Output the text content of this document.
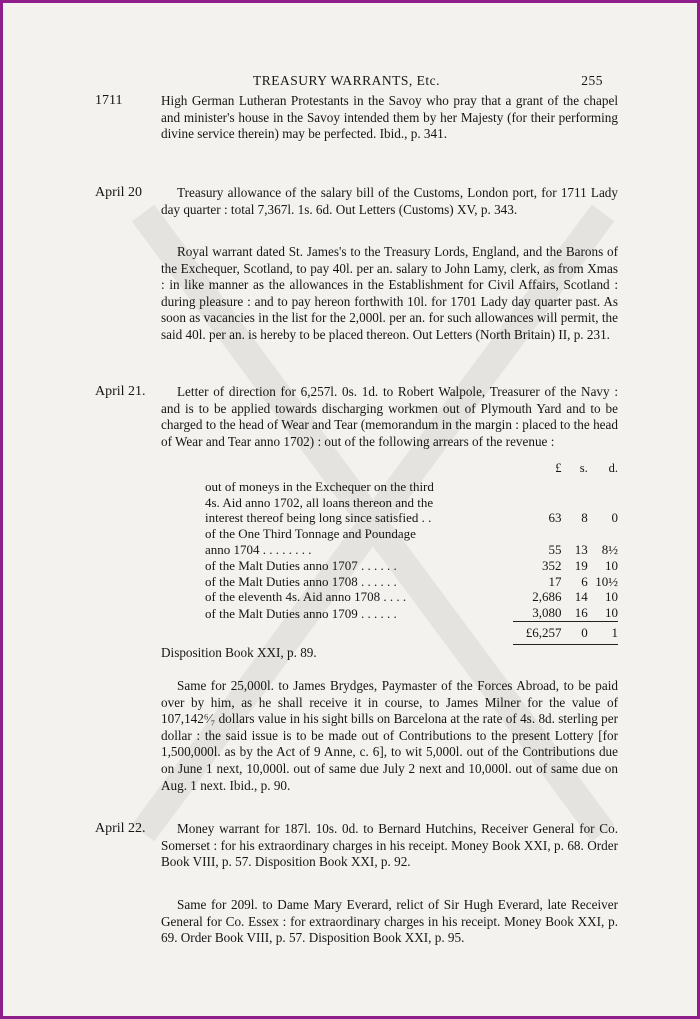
TREASURY WARRANTS, Etc.	255
1711	High German Lutheran Protestants in the Savoy who pray that a grant of the chapel and minister's house in the Savoy intended them by her Majesty (for their performing divine service therein) may be perfected. Ibid., p. 341.

April 20	Treasury allowance of the salary bill of the Customs, London port, for 1711 Lady day quarter : total 7,367l. 1s. 6d. Out Letters (Customs) XV, p. 343.

Royal warrant dated St. James's to the Treasury Lords, England, and the Barons of the Exchequer, Scotland, to pay 40l. per an. salary to John Lamy, clerk, as from Xmas : in like manner as the allowances in the Establishment for Civil Affairs, Scotland : during pleasure : and to pay hereon forthwith 10l. for 1701 Lady day quarter past. As soon as vacancies in the list for the 2,000l. per an. for such allowances will permit, the said 40l. per an. is hereby to be placed thereon. Out Letters (North Britain) II, p. 231.

April 21.	Letter of direction for 6,257l. 0s. 1d. to Robert Walpole, Treasurer of the Navy : and is to be applied towards discharging workmen out of Plymouth Yard and to be charged to the head of Wear and Tear (memorandum in the margin : placed to the head of Wear and Tear anno 1702) : out of the following arrears of the revenue :

	£	s.	d.

out of moneys in the Exchequer on the third
4s. Aid anno 1702, all loans thereon and the
interest thereof being long since satisfied . .	63	8	0

of the One Third Tonnage and Poundage
anno 1704 . . . . . . . .	55	13	8½

of the Malt Duties anno 1707 . . . . . .	352	19	10

of the Malt Duties anno 1708 . . . . . .	17	6	10½

of the eleventh 4s. Aid anno 1708 . . . .	2,686	14	10

of the Malt Duties anno 1709 . . . . . .	3,080	16	10
	£6,257	0	1
Disposition Book XXI, p. 89.

Same for 25,000l. to James Brydges, Paymaster of the Forces Abroad, to be paid over by him, as he shall receive it in course, to James Milner for the value of 107,142⁶⁄₇ dollars value in his sight bills on Barcelona at the rate of 4s. 8d. sterling per dollar : the said issue is to be made out of Contributions to the present Lottery [for 1,500,000l. as by the Act of 9 Anne, c. 6], to wit 5,000l. out of the Contributions due on June 1 next, 10,000l. out of same due July 2 next and 10,000l. out of same due on Aug. 1 next. Ibid., p. 90.

April 22.	Money warrant for 187l. 10s. 0d. to Bernard Hutchins, Receiver General for Co. Somerset : for his extraordinary charges in his receipt. Money Book XXI, p. 68. Order Book VIII, p. 57. Disposition Book XXI, p. 92.

Same for 209l. to Dame Mary Everard, relict of Sir Hugh Everard, late Receiver General for Co. Essex : for extraordinary charges in his receipt. Money Book XXI, p. 69. Order Book VIII, p. 57. Disposition Book XXI, p. 95.
